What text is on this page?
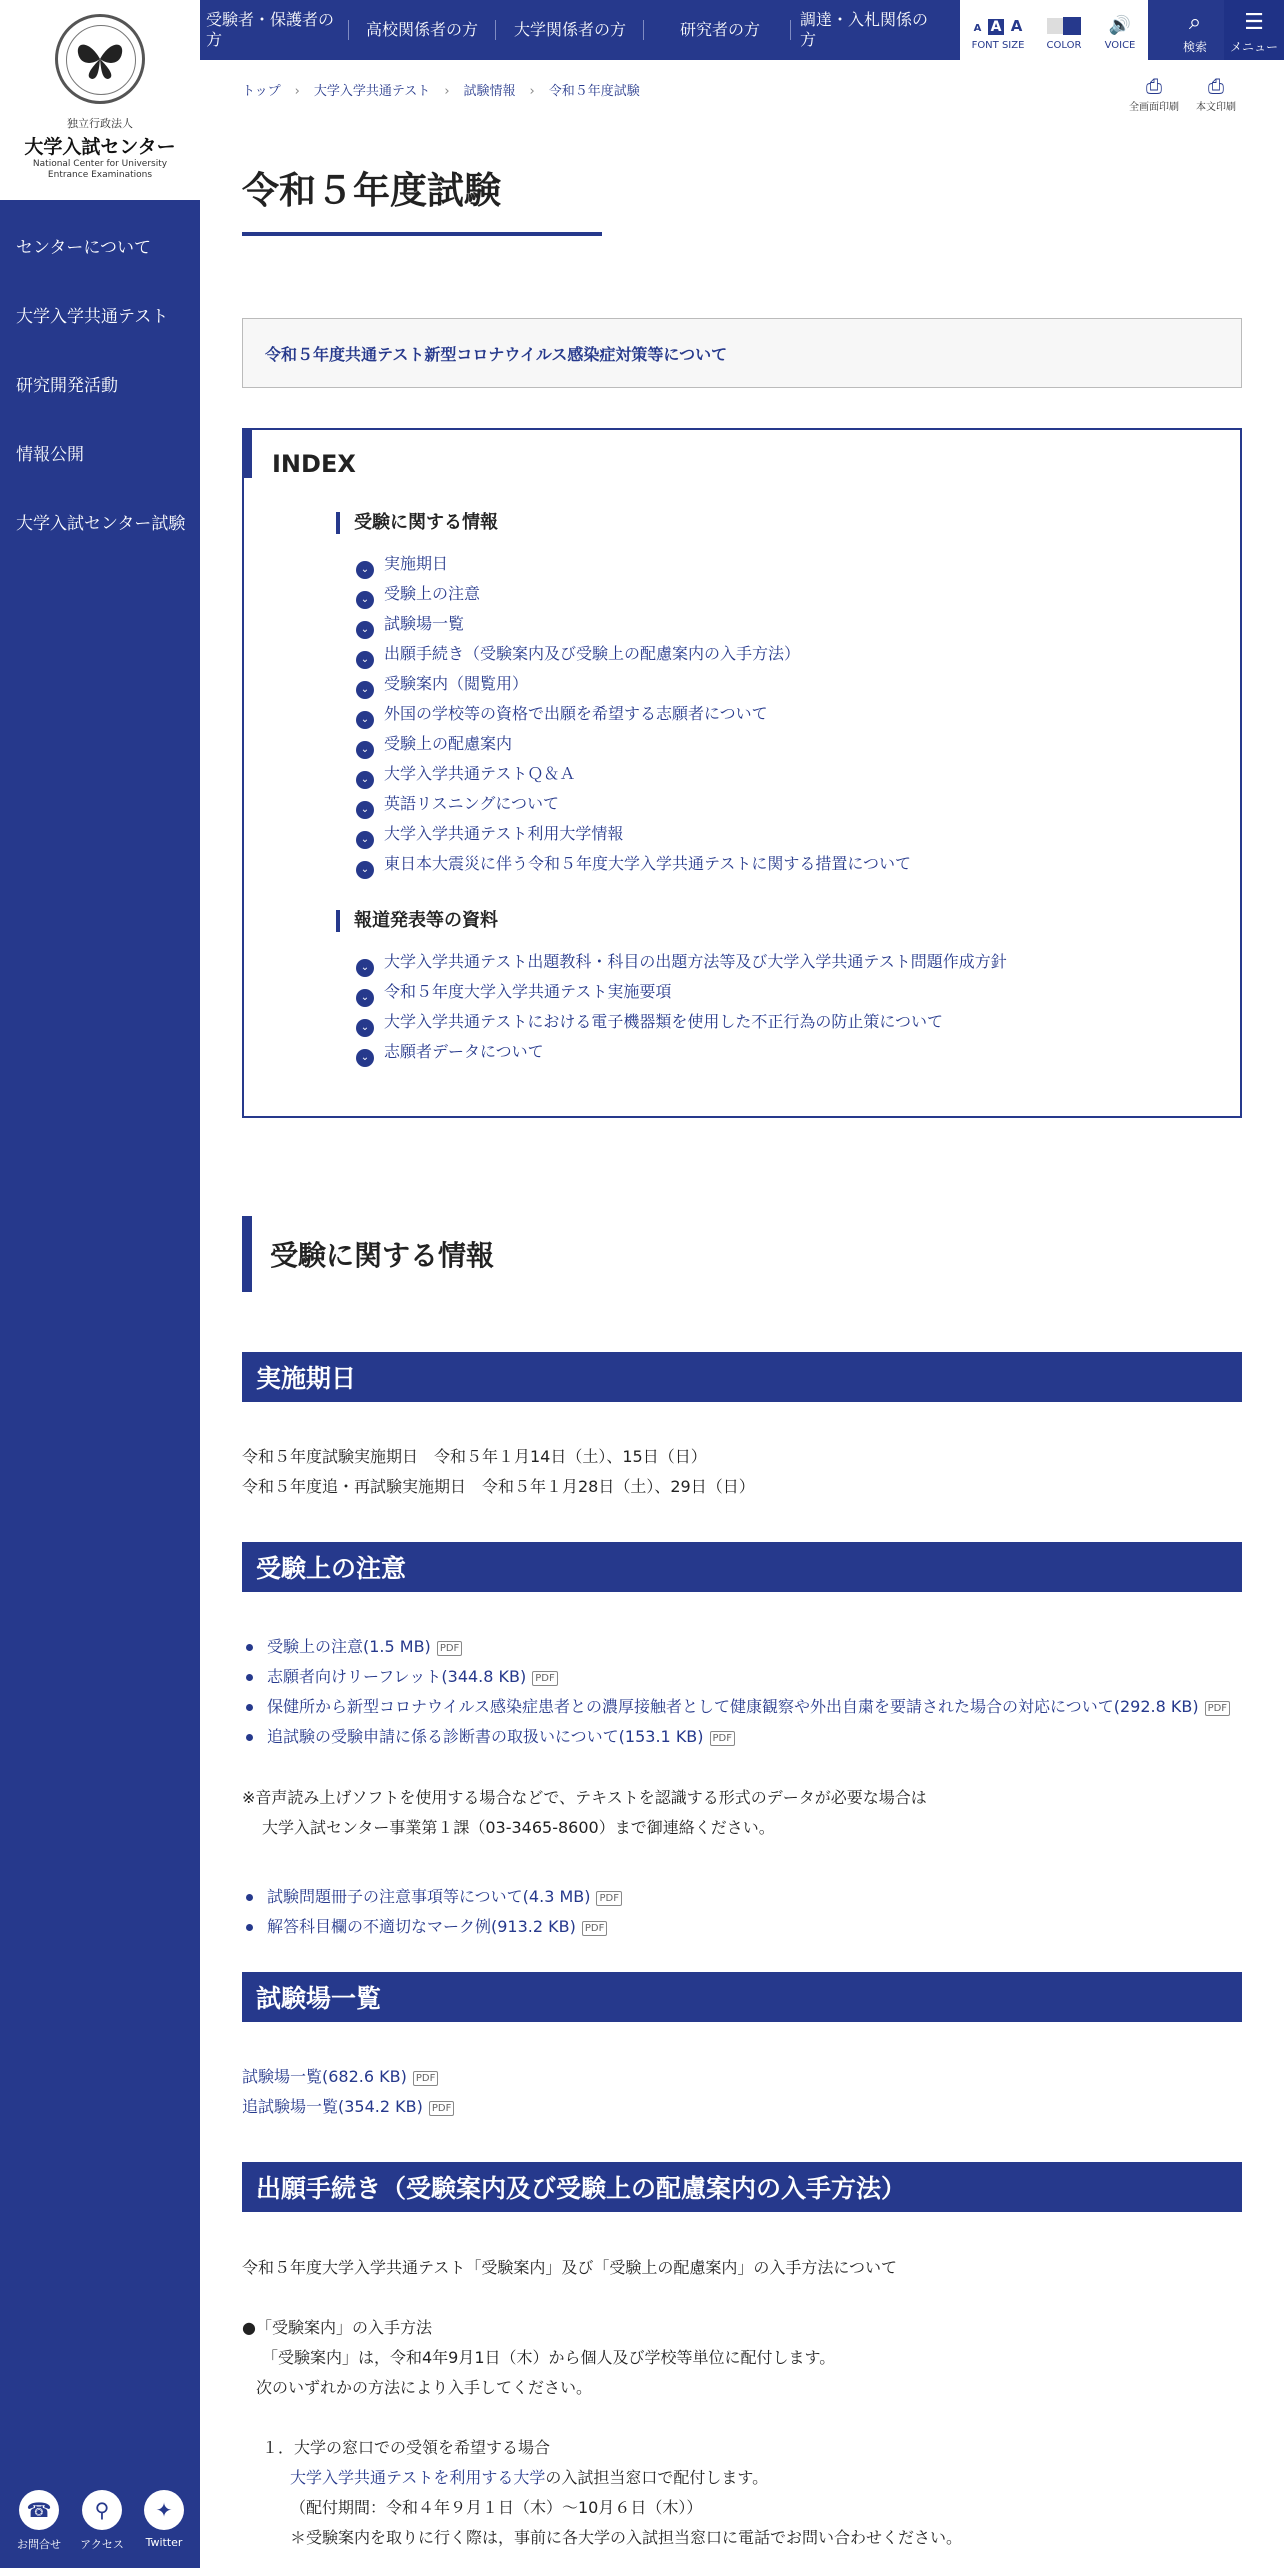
独立行政法人
大学入試センター
National Center for University
Entrance Examinations
センターについて
大学入学共通テスト
研究開発活動
情報公開
大学入試センター試験
☎
お問合せ
⚲
アクセス
✦
Twitter
受験者・保護者の方
高校関係者の方 大学関係者の方	研究者の方
調達・入札関係の方
A A A
FONT SIZE	COLOR
🔊
VOICE
⌕
検索
☰
メニュー
トップ › 大学入学共通テスト › 試験情報 › 令和５年度試験	⎙
全画面印刷
⎙
本文印刷
令和５年度試験
令和５年度共通テスト新型コロナウイルス感染症対策等について
INDEX
受験に関する情報
⌄ 実施期日
⌄ 受験上の注意
⌄ 試験場一覧
⌄ 出願手続き（受験案内及び受験上の配慮案内の入手方法）
⌄ 受験案内（閲覧用）
⌄ 外国の学校等の資格で出願を希望する志願者について
⌄ 受験上の配慮案内
⌄ 大学入学共通テストＱ＆Ａ
⌄ 英語リスニングについて
⌄ 大学入学共通テスト利用大学情報
⌄ 東日本大震災に伴う令和５年度大学入学共通テストに関する措置について
報道発表等の資料
⌄ 大学入学共通テスト出題教科・科目の出題方法等及び大学入学共通テスト問題作成方針
⌄ 令和５年度大学入学共通テスト実施要項
⌄ 大学入学共通テストにおける電子機器類を使用した不正行為の防止策について
⌄ 志願者データについて
受験に関する情報
実施期日
令和５年度試験実施期日　令和５年１月14日（土）、15日（日）
令和５年度追・再試験実施期日　令和５年１月28日（土）、29日（日）
受験上の注意
受験上の注意(1.5 MB) PDF
志願者向けリーフレット(344.8 KB) PDF
保健所から新型コロナウイルス感染症患者との濃厚接触者として健康観察や外出自粛を要請された場合の対応について(292.8 KB) PDF
追試験の受験申請に係る診断書の取扱いについて(153.1 KB) PDF
※音声読み上げソフトを使用する場合などで、テキストを認識する形式のデータが必要な場合は
大学入試センター事業第１課（03-3465-8600）まで御連絡ください。
試験問題冊子の注意事項等について(4.3 MB) PDF
解答科目欄の不適切なマーク例(913.2 KB) PDF
試験場一覧
試験場一覧(682.6 KB) PDF
追試験場一覧(354.2 KB) PDF
出願手続き（受験案内及び受験上の配慮案内の入手方法）
令和５年度大学入学共通テスト「受験案内」及び「受験上の配慮案内」の入手方法について
●「受験案内」の入手方法
「受験案内」は，令和4年9月1日（木）から個人及び学校等単位に配付します。
次のいずれかの方法により入手してください。
１．大学の窓口での受領を希望する場合
大学入学共通テストを利用する大学の入試担当窓口で配付します。
（配付期間：令和４年９月１日（木）～10月６日（木））
＊受験案内を取りに行く際は，事前に各大学の入試担当窓口に電話でお問い合わせください。
